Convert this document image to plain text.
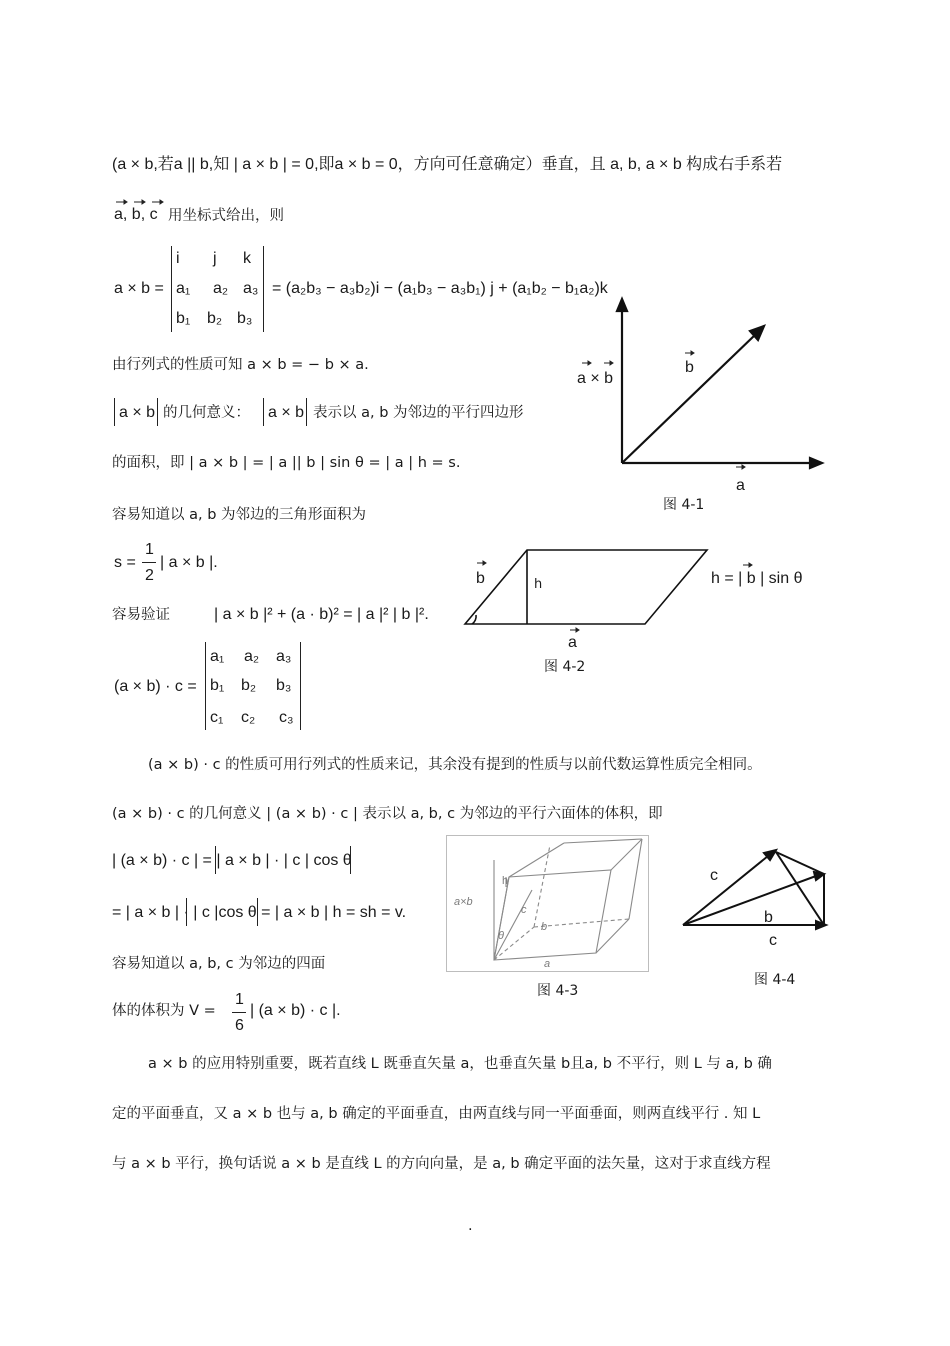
(a × b,若a || b,知 | a × b | = 0,即a × b = 0，方向可任意确定）垂直，且 a, b, a × b 构成右手系若
a, b, c 用坐标式给出，则
a × b =
i j k
a₁ a₂ a₃
b₁ b₂ b₃
= (a₂b₃ − a₃b₂)i − (a₁b₃ − a₃b₁) j + (a₁b₂ − b₁a₂)k
由行列式的性质可知 a × b = − b × a.
a × b 的几何意义： a × b 表示以 a, b 为邻边的平行四边形
的面积，即 | a × b | = | a || b | sin θ = | a | h = s.
容易知道以 a, b 为邻边的三角形面积为
s =
1
2
| a × b |.
容易验证	| a × b |² + (a · b)² = | a |² | b |².
(a × b) · c =
a₁ a₂ a₃
b₁ b₂ b₃
c₁ c₂ c₃
(a × b) · c 的性质可用行列式的性质来记，其余没有提到的性质与以前代数运算性质完全相同。
(a × b) · c 的几何意义 | (a × b) · c | 表示以 a, b, c 为邻边的平行六面体的体积，即
| (a × b) · c | = | a × b | · | c | cos θ
= | a × b | · | c |cos θ = | a × b | h = sh = v.
容易知道以 a, b, c 为邻边的四面
体的体积为 V =
1
6
| (a × b) · c |.
a × b 的应用特别重要，既若直线 L 既垂直矢量 a，也垂直矢量 b且a, b 不平行，则 L 与 a, b 确
定的平面垂直，又 a × b 也与 a, b 确定的平面垂直，由两直线与同一平面垂面，则两直线平行 . 知 L
与 a × b 平行，换句话说 a × b 是直线 L 的方向向量，是 a, b 确定平面的法矢量，这对于求直线方程
.
a × b
b
a
图 4-1
b	h
a
h = | b | sin θ
图 4-2
a×b
h
θ
c
b
a
图 4-3
c
b
c
图 4-4
